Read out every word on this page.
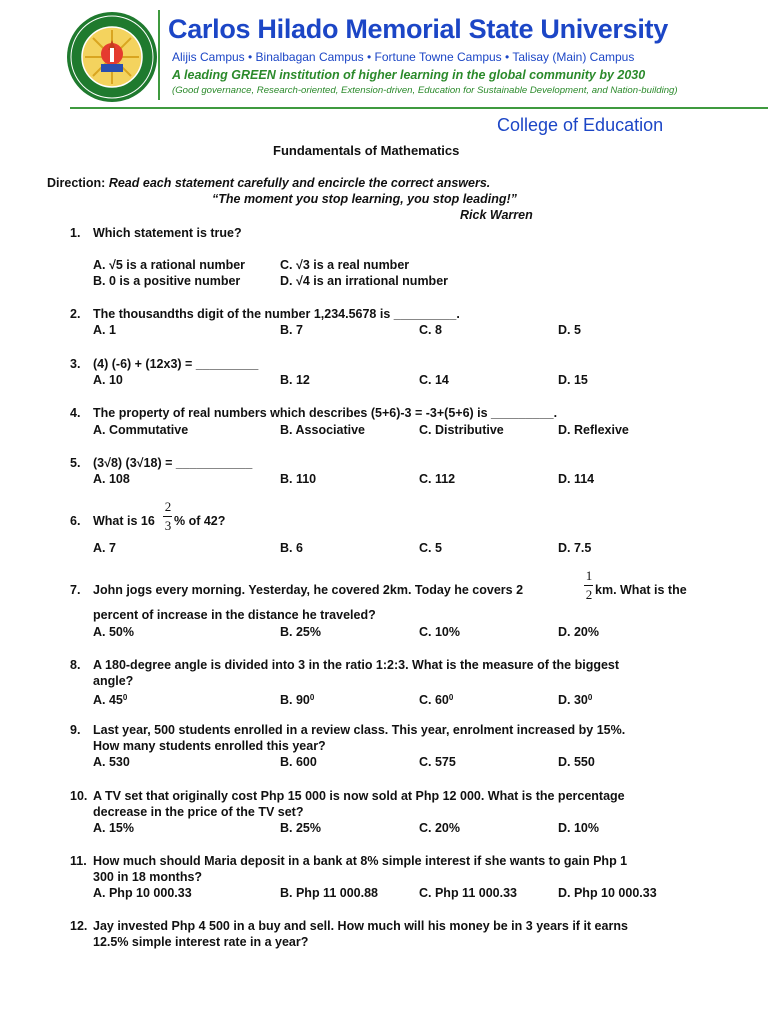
Carlos Hilado Memorial State University
Alijis Campus • Binalbagan Campus • Fortune Towne Campus • Talisay (Main) Campus
A leading GREEN institution of higher learning in the global community by 2030
(Good governance, Research-oriented, Extension-driven, Education for Sustainable Development, and Nation-building)
College of Education
Fundamentals of Mathematics
Direction: Read each statement carefully and encircle the correct answers.
“The moment you stop learning, you stop leading!”
Rick Warren
1. Which statement is true?
A. √5 is a rational number	C. √3 is a real number
B. 0 is a positive number	D. √4 is an irrational number
2. The thousandths digit of the number 1,234.5678 is _________.
A. 1	B. 7	C. 8	D. 5
3. (4) (-6) + (12x3) = _________
A. 10	B. 12	C. 14	D. 15
4. The property of real numbers which describes (5+6)-3 = -3+(5+6) is _________.
A. Commutative	B. Associative	C. Distributive	D. Reflexive
5. (3√8) (3√18) = ___________
A. 108	B. 110	C. 112	D. 114
6. What is 16
2
3 % of 42?
A. 7	B. 6	C. 5	D. 7.5
7. John jogs every morning. Yesterday, he covered 2km. Today he covers 2
1
2 km. What is the
percent of increase in the distance he traveled?
A. 50%	B. 25%	C. 10%	D. 20%
8. A 180-degree angle is divided into 3 in the ratio 1:2:3. What is the measure of the biggest
angle?
A. $45^0$	B. $90^0$	C. $60^0$	D. $30^0$
9. Last year, 500 students enrolled in a review class. This year, enrolment increased by 15%.
How many students enrolled this year?
A. 530	B. 600	C. 575	D. 550
10. A TV set that originally cost Php 15 000 is now sold at Php 12 000. What is the percentage
decrease in the price of the TV set?
A. 15%	B. 25%	C. 20%	D. 10%
11. How much should Maria deposit in a bank at 8% simple interest if she wants to gain Php 1
300 in 18 months?
A. Php 10 000.33	B. Php 11 000.88	C. Php 11 000.33	D. Php 10 000.33
12. Jay invested Php 4 500 in a buy and sell. How much will his money be in 3 years if it earns
12.5% simple interest rate in a year?
